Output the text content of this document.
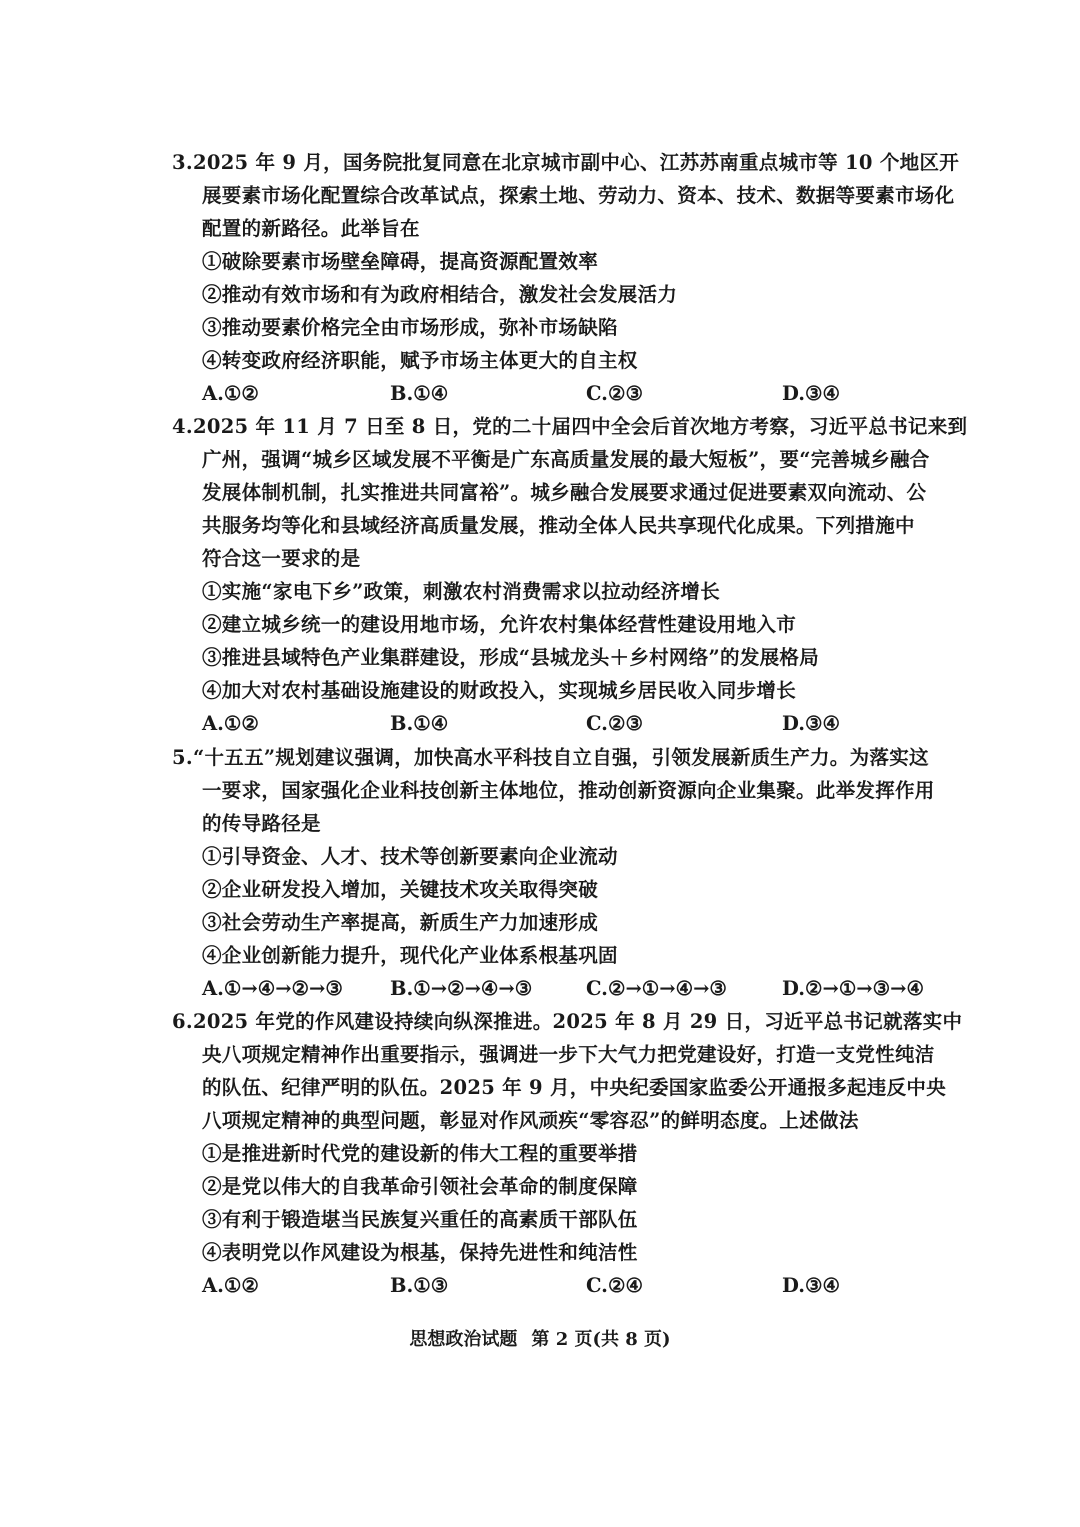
3.2025 年 9 月，国务院批复同意在北京城市副中心、江苏苏南重点城市等 10 个地区开
展要素市场化配置综合改革试点，探索土地、劳动力、资本、技术、数据等要素市场化
配置的新路径。此举旨在
①破除要素市场壁垒障碍，提高资源配置效率
②推动有效市场和有为政府相结合，激发社会发展活力
③推动要素价格完全由市场形成，弥补市场缺陷
④转变政府经济职能，赋予市场主体更大的自主权
A.①②	B.①④	C.②③	D.③④
4.2025 年 11 月 7 日至 8 日，党的二十届四中全会后首次地方考察，习近平总书记来到
广州，强调“城乡区域发展不平衡是广东高质量发展的最大短板”，要“完善城乡融合
发展体制机制，扎实推进共同富裕”。城乡融合发展要求通过促进要素双向流动、公
共服务均等化和县域经济高质量发展，推动全体人民共享现代化成果。下列措施中
符合这一要求的是
①实施“家电下乡”政策，刺激农村消费需求以拉动经济增长
②建立城乡统一的建设用地市场，允许农村集体经营性建设用地入市
③推进县域特色产业集群建设，形成“县城龙头＋乡村网络”的发展格局
④加大对农村基础设施建设的财政投入，实现城乡居民收入同步增长
A.①②	B.①④	C.②③	D.③④
5.“十五五”规划建议强调，加快高水平科技自立自强，引领发展新质生产力。为落实这
一要求，国家强化企业科技创新主体地位，推动创新资源向企业集聚。此举发挥作用
的传导路径是
①引导资金、人才、技术等创新要素向企业流动
②企业研发投入增加，关键技术攻关取得突破
③社会劳动生产率提高，新质生产力加速形成
④企业创新能力提升，现代化产业体系根基巩固
A.①→④→②→③ B.①→②→④→③	C.②→①→④→③	D.②→①→③→④
6.2025 年党的作风建设持续向纵深推进。2025 年 8 月 29 日，习近平总书记就落实中
央八项规定精神作出重要指示，强调进一步下大气力把党建设好，打造一支党性纯洁
的队伍、纪律严明的队伍。2025 年 9 月，中央纪委国家监委公开通报多起违反中央
八项规定精神的典型问题，彰显对作风顽疾“零容忍”的鲜明态度。上述做法
①是推进新时代党的建设新的伟大工程的重要举措
②是党以伟大的自我革命引领社会革命的制度保障
③有利于锻造堪当民族复兴重任的高素质干部队伍
④表明党以作风建设为根基，保持先进性和纯洁性
A.①②	B.①③	C.②④	D.③④
思想政治试题 第 2 页(共 8 页)
